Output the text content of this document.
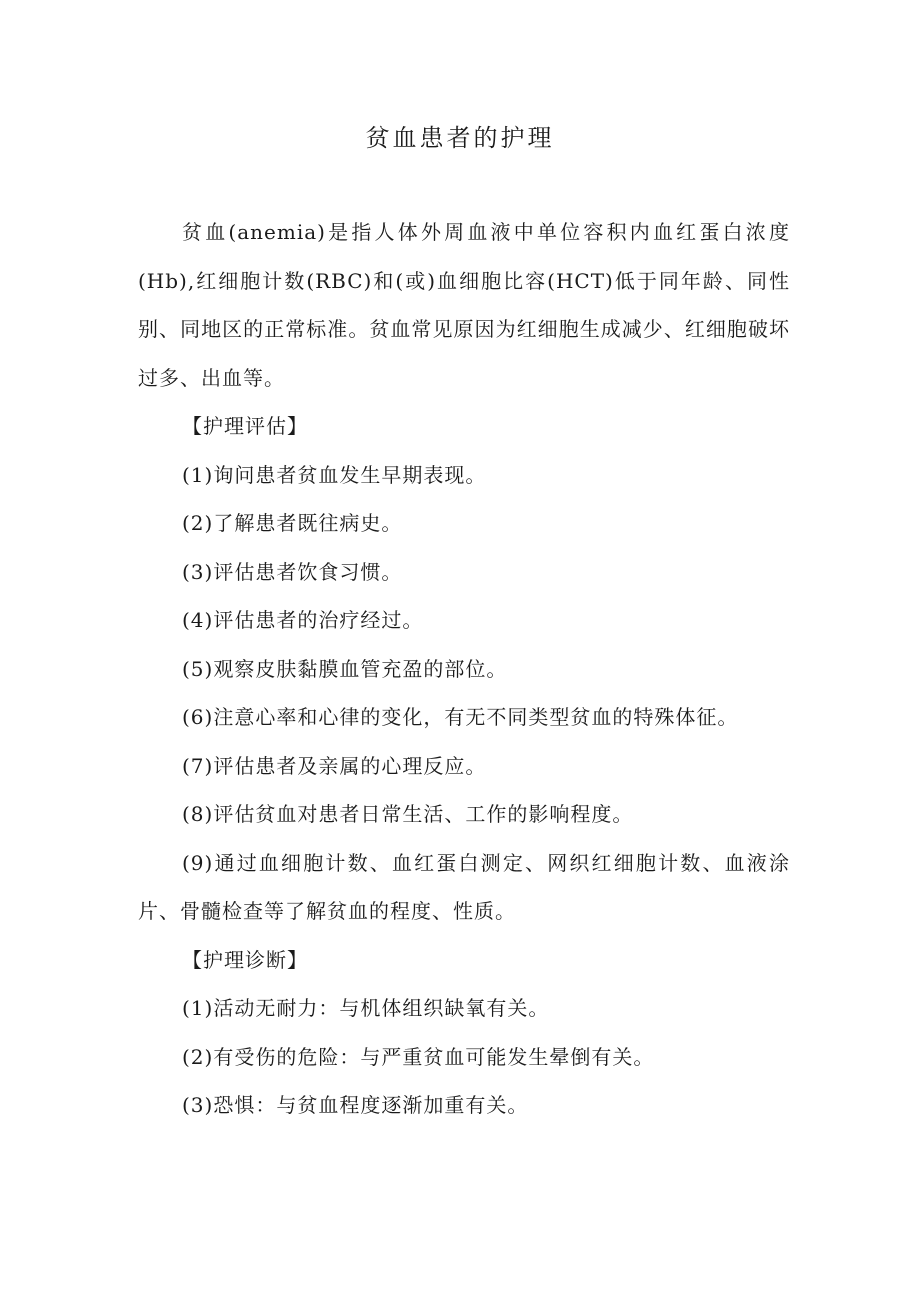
贫血患者的护理

贫血(anemia)是指人体外周血液中单位容积内血红蛋白浓度(Hb),红细胞计数(RBC)和(或)血细胞比容(HCT)低于同年龄、同性别、同地区的正常标准。贫血常见原因为红细胞生成减少、红细胞破坏过多、出血等。

【护理评估】

(1)询问患者贫血发生早期表现。

(2)了解患者既往病史。

(3)评估患者饮食习惯。

(4)评估患者的治疗经过。

(5)观察皮肤黏膜血管充盈的部位。

(6)注意心率和心律的变化，有无不同类型贫血的特殊体征。

(7)评估患者及亲属的心理反应。

(8)评估贫血对患者日常生活、工作的影响程度。

(9)通过血细胞计数、血红蛋白测定、网织红细胞计数、血液涂片、骨髓检查等了解贫血的程度、性质。

【护理诊断】

(1)活动无耐力：与机体组织缺氧有关。

(2)有受伤的危险：与严重贫血可能发生晕倒有关。

(3)恐惧：与贫血程度逐渐加重有关。
